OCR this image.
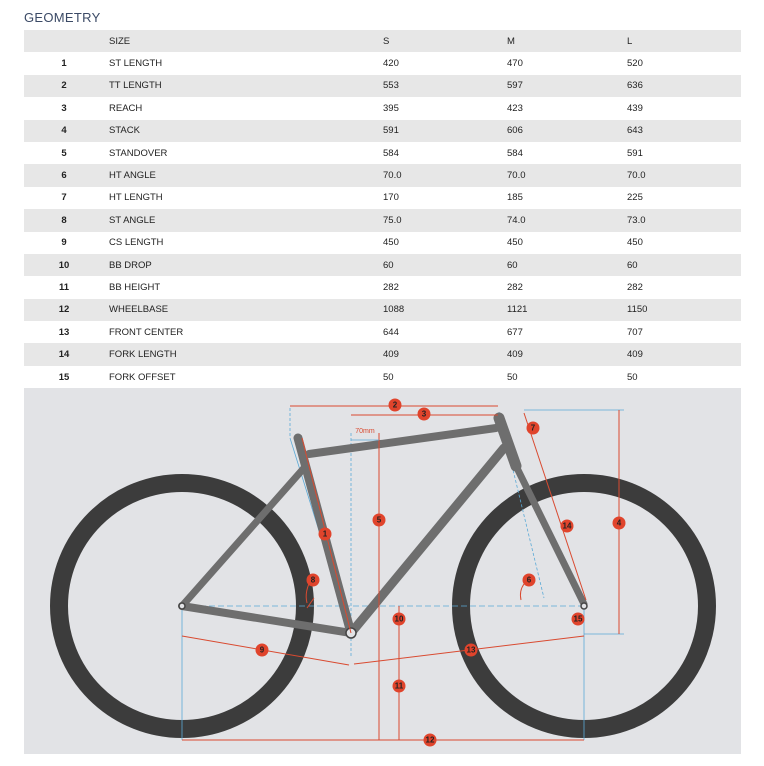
GEOMETRY
	SIZE	S	M	L
1	ST LENGTH	420	470	520
2	TT LENGTH	553	597	636
3	REACH	395	423	439
4	STACK	591	606	643
5	STANDOVER	584	584	591
6	HT ANGLE	70.0	70.0	70.0
7	HT LENGTH	170	185	225
8	ST ANGLE	75.0	74.0	73.0
9	CS LENGTH	450	450	450
10	BB DROP	60	60	60
11	BB HEIGHT	282	282	282
12	WHEELBASE	1088	1121	1150
13	FRONT CENTER	644	677	707
14	FORK LENGTH	409	409	409
15	FORK OFFSET	50	50	50
70mm
1
2
3
4
5
6
7
8
9
10
11
12
13
14
15
